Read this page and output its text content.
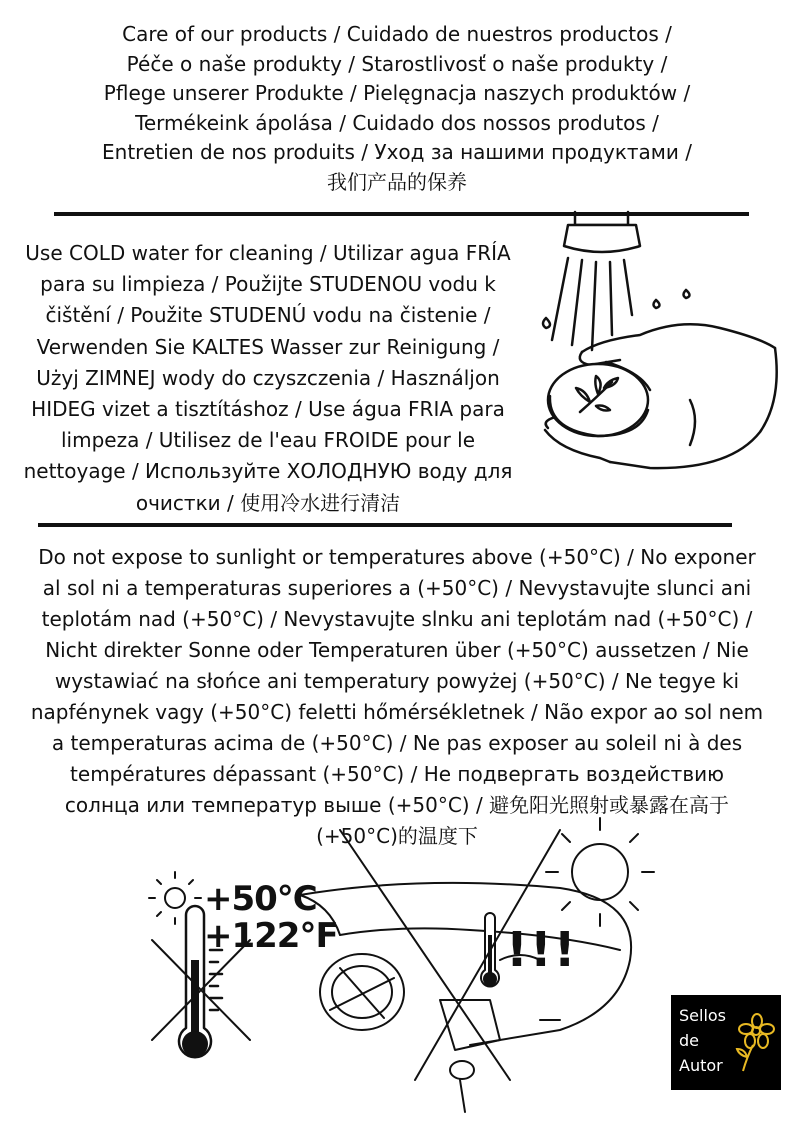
Care of our products / Cuidado de nuestros productos /
Péče o naše produkty / Starostlivosť o naše produkty /
Pflege unserer Produkte / Pielęgnacja naszych produktów /
Termékeink ápolása / Cuidado dos nossos produtos /
Entretien de nos produits / Уход за нашими продуктами /
我们产品的保养
Use COLD water for cleaning / Utilizar agua FRÍA
para su limpieza / Použijte STUDENOU vodu k
čištění / Použite STUDENÚ vodu na čistenie /
Verwenden Sie KALTES Wasser zur Reinigung /
Użyj ZIMNEJ wody do czyszczenia / Használjon
HIDEG vizet a tisztításhoz / Use água FRIA para
limpeza / Utilisez de l'eau FROIDE pour le
nettoyage / Используйте ХОЛОДНУЮ воду для
очистки / 使用冷水进行清洁
Do not expose to sunlight or temperatures above (+50°C) / No exponer
al sol ni a temperaturas superiores a (+50°C) / Nevystavujte slunci ani
teplotám nad (+50°C) / Nevystavujte slnku ani teplotám nad (+50°C) /
Nicht direkter Sonne oder Temperaturen über (+50°C) aussetzen / Nie
wystawiać na słońce ani temperatury powyżej (+50°C) / Ne tegye ki
napfénynek vagy (+50°C) feletti hőmérsékletnek / Não expor ao sol nem
a temperaturas acima de (+50°C) / Ne pas exposer au soleil ni à des
températures dépassant (+50°C) / Не подвергать воздействию
солнца или температур выше (+50°C) / 避免阳光照射或暴露在高于
(+50°C)的温度下
+50°C
+122°F	!!!
Sellos
de
Autor
